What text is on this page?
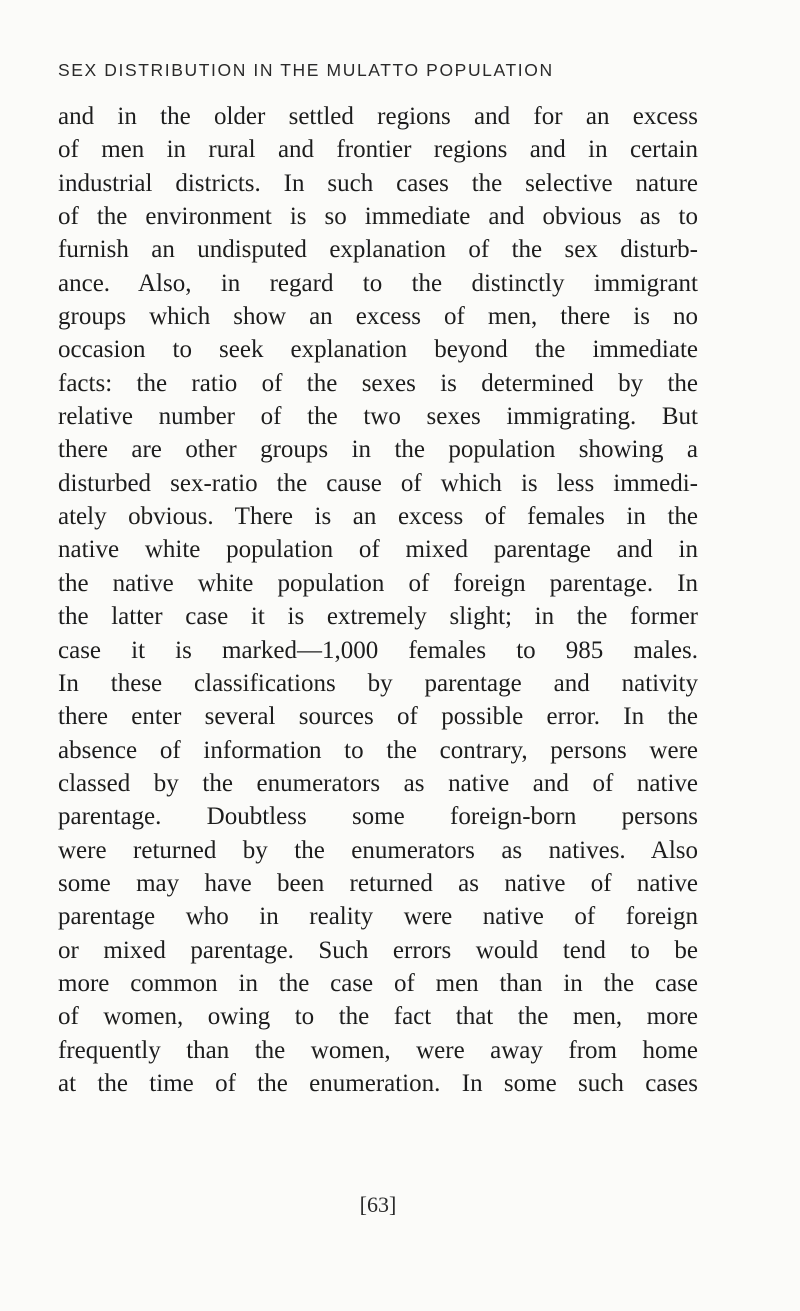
SEX DISTRIBUTION IN THE MULATTO POPULATION
and in the older settled regions and for an excess
of men in rural and frontier regions and in certain
industrial districts. In such cases the selective nature
of the environment is so immediate and obvious as to
furnish an undisputed explanation of the sex disturb-
ance. Also, in regard to the distinctly immigrant
groups which show an excess of men, there is no
occasion to seek explanation beyond the immediate
facts: the ratio of the sexes is determined by the
relative number of the two sexes immigrating. But
there are other groups in the population showing a
disturbed sex-ratio the cause of which is less immedi-
ately obvious. There is an excess of females in the
native white population of mixed parentage and in
the native white population of foreign parentage. In
the latter case it is extremely slight; in the former
case it is marked—1,000 females to 985 males.
In these classifications by parentage and nativity
there enter several sources of possible error. In the
absence of information to the contrary, persons were
classed by the enumerators as native and of native
parentage. Doubtless some foreign-born persons
were returned by the enumerators as natives. Also
some may have been returned as native of native
parentage who in reality were native of foreign
or mixed parentage. Such errors would tend to be
more common in the case of men than in the case
of women, owing to the fact that the men, more
frequently than the women, were away from home
at the time of the enumeration. In some such cases
[63]
